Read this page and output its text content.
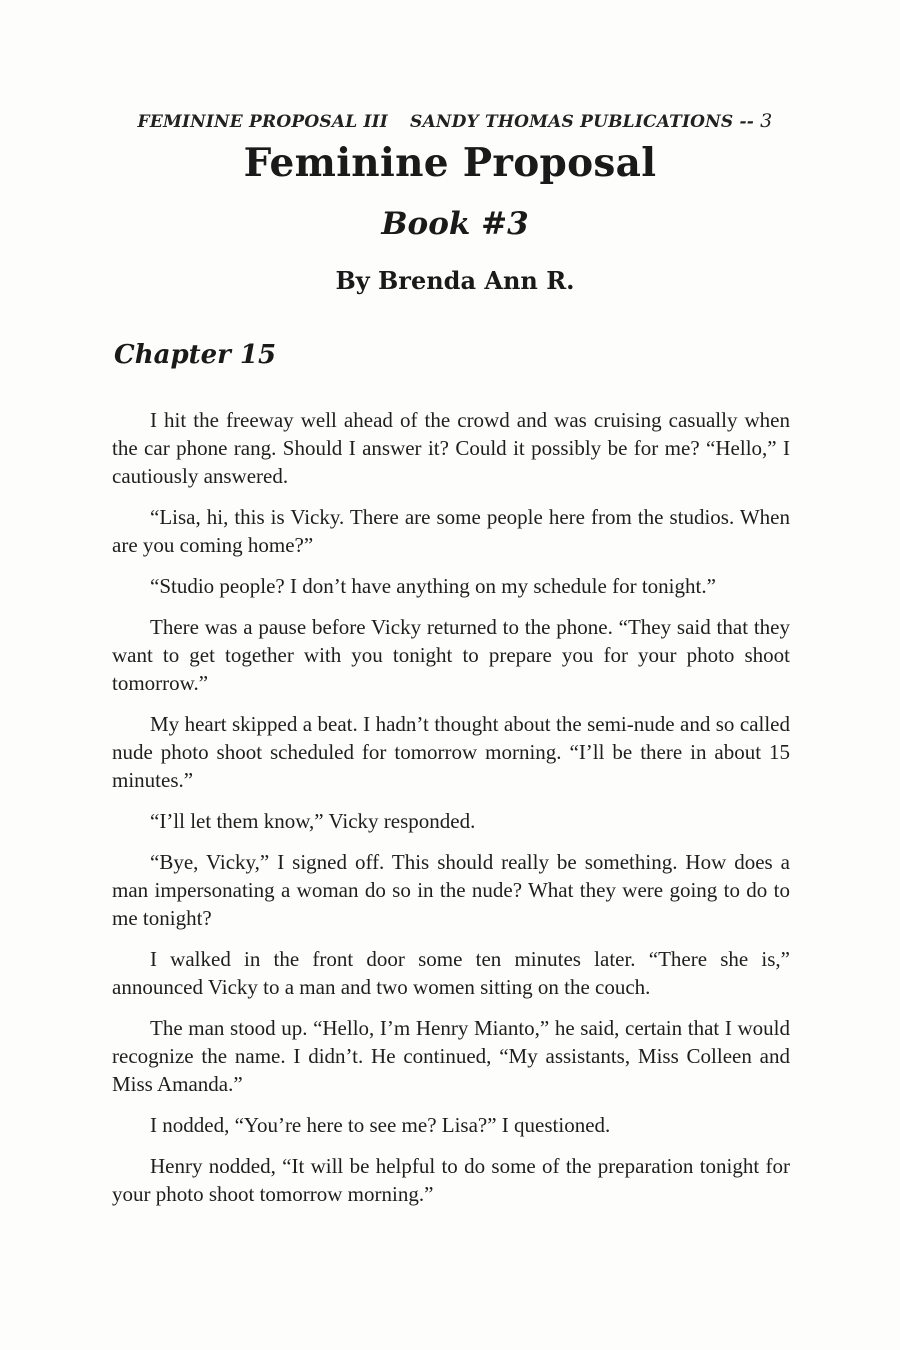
FEMININE PROPOSAL III SANDY THOMAS PUBLICATIONS -- 3
Feminine Proposal
Book #3
By Brenda Ann R.
Chapter 15

I hit the freeway well ahead of the crowd and was cruising casually when the car phone rang. Should I answer it? Could it possibly be for me? “Hello,” I cautiously answered.

“Lisa, hi, this is Vicky. There are some people here from the studios. When are you coming home?”

“Studio people? I don’t have anything on my schedule for tonight.”

There was a pause before Vicky returned to the phone. “They said that they want to get together with you tonight to prepare you for your photo shoot tomorrow.”

My heart skipped a beat. I hadn’t thought about the semi-nude and so called nude photo shoot scheduled for tomorrow morning. “I’ll be there in about 15 minutes.”

“I’ll let them know,” Vicky responded.

“Bye, Vicky,” I signed off. This should really be something. How does a man impersonating a woman do so in the nude? What they were going to do to me tonight?

I walked in the front door some ten minutes later. “There she is,” announced Vicky to a man and two women sitting on the couch.

The man stood up. “Hello, I’m Henry Mianto,” he said, certain that I would recognize the name. I didn’t. He continued, “My assistants, Miss Colleen and Miss Amanda.”

I nodded, “You’re here to see me? Lisa?” I questioned.

Henry nodded, “It will be helpful to do some of the preparation tonight for your photo shoot tomorrow morning.”
